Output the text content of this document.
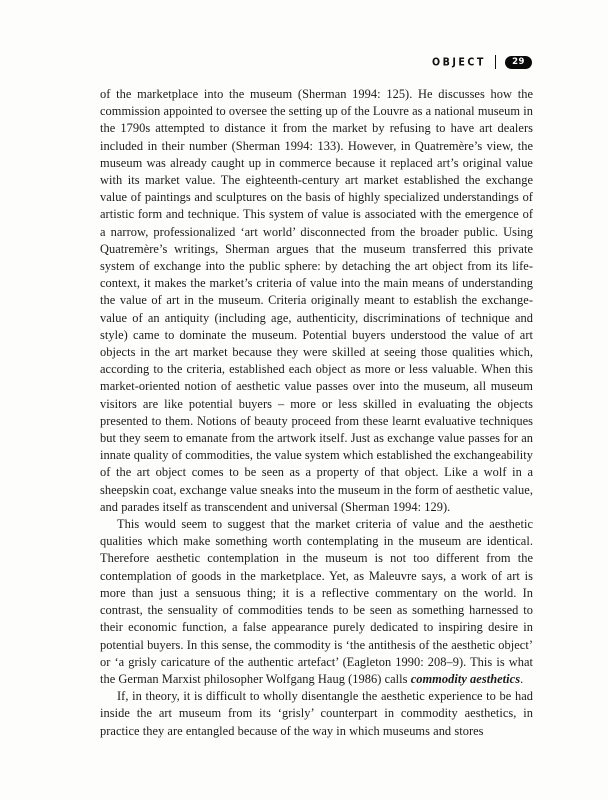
OBJECT	29

of the marketplace into the museum (Sherman 1994: 125). He discusses how the commission appointed to oversee the setting up of the Louvre as a national museum in the 1790s attempted to distance it from the market by refusing to have art dealers included in their number (Sherman 1994: 133). However, in Quatremère’s view, the museum was already caught up in commerce because it replaced art’s original value with its market value. The eighteenth-century art market established the exchange value of paintings and sculptures on the basis of highly specialized understandings of artistic form and technique. This system of value is associated with the emergence of a narrow, professionalized ‘art world’ disconnected from the broader public. Using Quatremère’s writings, Sherman argues that the museum transferred this private system of exchange into the public sphere: by detaching the art object from its life-context, it makes the market’s criteria of value into the main means of understanding the value of art in the museum. Criteria originally meant to establish the exchange-value of an antiquity (including age, authenticity, discriminations of technique and style) came to dominate the museum. Potential buyers understood the value of art objects in the art market because they were skilled at seeing those qualities which, according to the criteria, established each object as more or less valuable. When this market-oriented notion of aesthetic value passes over into the museum, all museum visitors are like potential buyers – more or less skilled in evaluating the objects presented to them. Notions of beauty proceed from these learnt evaluative techniques but they seem to emanate from the artwork itself. Just as exchange value passes for an innate quality of commodities, the value system which established the exchangeability of the art object comes to be seen as a property of that object. Like a wolf in a sheepskin coat, exchange value sneaks into the museum in the form of aesthetic value, and parades itself as transcendent and universal (Sherman 1994: 129).

This would seem to suggest that the market criteria of value and the aesthetic qualities which make something worth contemplating in the museum are identical. Therefore aesthetic contemplation in the museum is not too different from the contemplation of goods in the marketplace. Yet, as Maleuvre says, a work of art is more than just a sensuous thing; it is a reflective commentary on the world. In contrast, the sensuality of commodities tends to be seen as something harnessed to their economic function, a false appearance purely dedicated to inspiring desire in potential buyers. In this sense, the commodity is ‘the antithesis of the aesthetic object’ or ‘a grisly caricature of the authentic artefact’ (Eagleton 1990: 208–9). This is what the German Marxist philosopher Wolfgang Haug (1986) calls commodity aesthetics.

If, in theory, it is difficult to wholly disentangle the aesthetic experience to be had inside the art museum from its ‘grisly’ counterpart in commodity aesthetics, in practice they are entangled because of the way in which museums and stores
